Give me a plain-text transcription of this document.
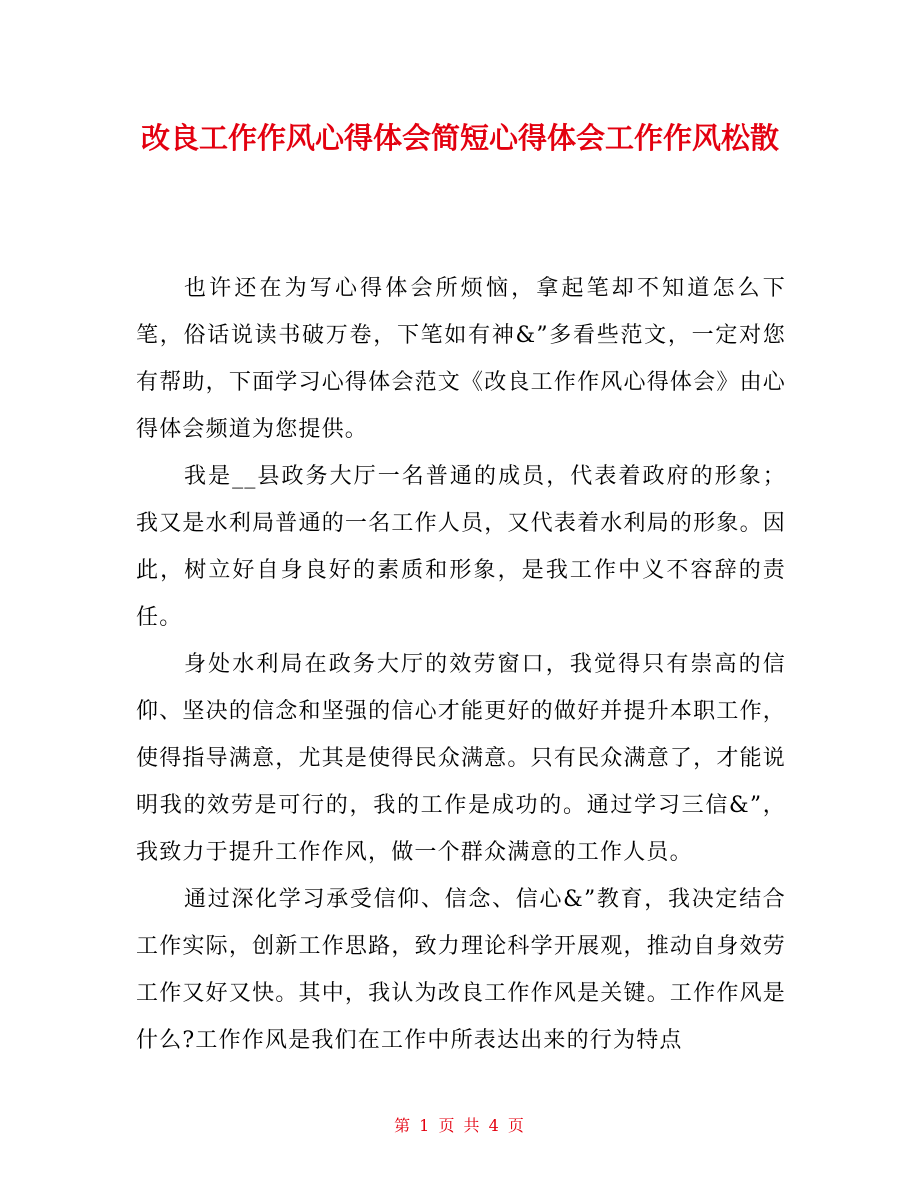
改良工作作风心得体会简短心得体会工作作风松散

也许还在为写心得体会所烦恼，拿起笔却不知道怎么下笔，俗话说读书破万卷，下笔如有神&”多看些范文，一定对您有帮助，下面学习心得体会范文《改良工作作风心得体会》由心得体会频道为您提供。

我是__县政务大厅一名普通的成员，代表着政府的形象；我又是水利局普通的一名工作人员，又代表着水利局的形象。因此，树立好自身良好的素质和形象，是我工作中义不容辞的责任。

身处水利局在政务大厅的效劳窗口，我觉得只有崇高的信仰、坚决的信念和坚强的信心才能更好的做好并提升本职工作，使得指导满意，尤其是使得民众满意。只有民众满意了，才能说明我的效劳是可行的，我的工作是成功的。通过学习三信&”，我致力于提升工作作风，做一个群众满意的工作人员。

通过深化学习承受信仰、信念、信心&”教育，我决定结合工作实际，创新工作思路，致力理论科学开展观，推动自身效劳工作又好又快。其中，我认为改良工作作风是关键。工作作风是什么?工作作风是我们在工作中所表达出来的行为特点

第 1 页 共 4 页
